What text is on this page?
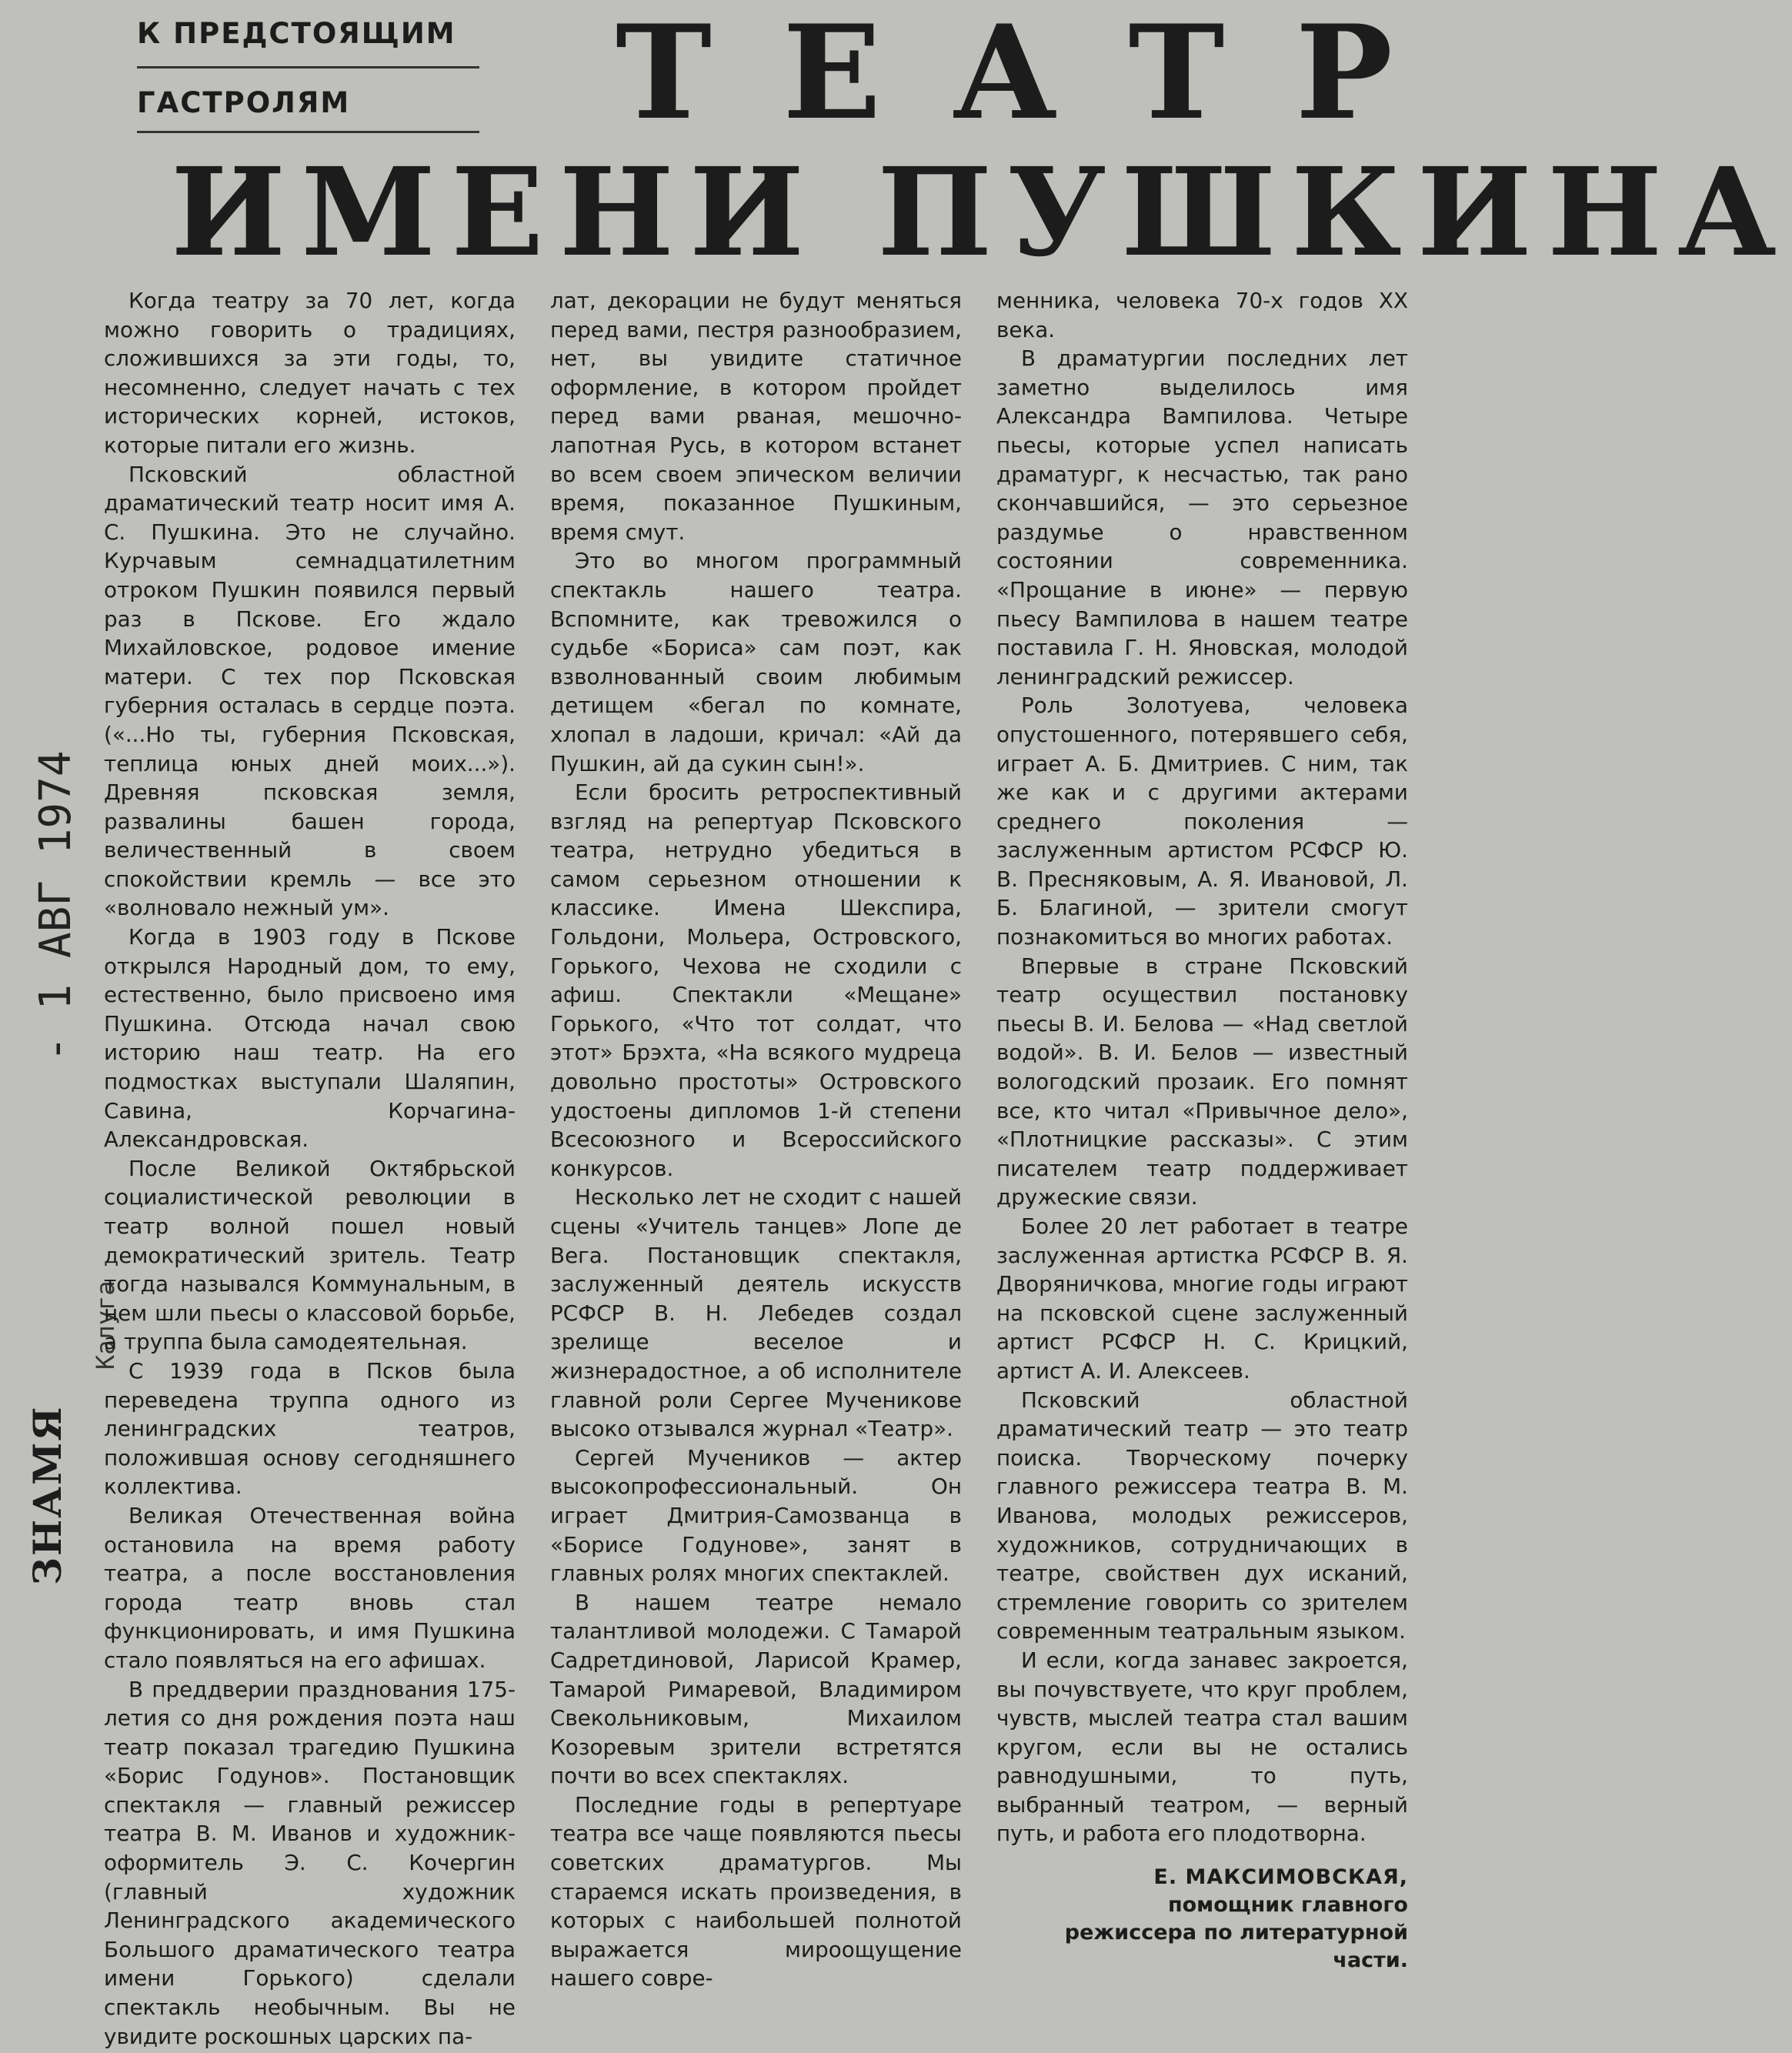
К ПРЕДСТОЯЩИМ
ГАСТРОЛЯМ	Т Е А Т Р
ИМЕНИ ПУШКИНА
- 1 АВГ 1974
ЗНАМЯ
Калуга

Когда театру за 70 лет, когда можно говорить о традициях, сложившихся за эти годы, то, несомненно, следует начать с тех исторических корней, истоков, которые питали его жизнь.

Псковский областной драматический театр носит имя А. С. Пушкина. Это не случайно. Курчавым семнадцатилетним отроком Пушкин появился первый раз в Пскове. Его ждало Михайловское, родовое имение матери. С тех пор Псковская губерния осталась в сердце поэта. («...Но ты, губерния Псковская, теплица юных дней моих...»). Древняя псковская земля, развалины башен города, величественный в своем спокойствии кремль — все это «волновало нежный ум».

Когда в 1903 году в Пскове открылся Народный дом, то ему, естественно, было присвоено имя Пушкина. Отсюда начал свою историю наш театр. На его подмостках выступали Шаляпин, Савина, Корчагина-Александровская.

После Великой Октябрьской социалистической революции в театр волной пошел новый демократический зритель. Театр тогда назывался Коммунальным, в нем шли пьесы о классовой борьбе, а труппа была самодеятельная.

С 1939 года в Псков была переведена труппа одного из ленинградских театров, положившая основу сегодняшнего коллектива.

Великая Отечественная война остановила на время работу театра, а после восстановления города театр вновь стал функционировать, и имя Пушкина стало появляться на его афишах.

В преддверии празднования 175-летия со дня рождения поэта наш театр показал трагедию Пушкина «Борис Годунов». Постановщик спектакля — главный режиссер театра В. М. Иванов и художник-оформитель Э. С. Кочергин (главный художник Ленинградского академического Большого драматического театра имени Горького) сделали спектакль необычным. Вы не увидите роскошных царских па-

лат, декорации не будут меняться перед вами, пестря разнообразием, нет, вы увидите статичное оформление, в котором пройдет перед вами рваная, мешочно-лапотная Русь, в котором встанет во всем своем эпическом величии время, показанное Пушкиным, время смут.

Это во многом программный спектакль нашего театра. Вспомните, как тревожился о судьбе «Бориса» сам поэт, как взволнованный своим любимым детищем «бегал по комнате, хлопал в ладоши, кричал: «Ай да Пушкин, ай да сукин сын!».

Если бросить ретроспективный взгляд на репертуар Псковского театра, нетрудно убедиться в самом серьезном отношении к классике. Имена Шекспира, Гольдони, Мольера, Островского, Горького, Чехова не сходили с афиш. Спектакли «Мещане» Горького, «Что тот солдат, что этот» Брэхта, «На всякого мудреца довольно простоты» Островского удостоены дипломов 1-й степени Всесоюзного и Всероссийского конкурсов.

Несколько лет не сходит с нашей сцены «Учитель танцев» Лопе де Вега. Постановщик спектакля, заслуженный деятель искусств РСФСР В. Н. Лебедев создал зрелище веселое и жизнерадостное, а об исполнителе главной роли Сергее Мученикове высоко отзывался журнал «Театр».

Сергей Мучеников — актер высокопрофессиональный. Он играет Дмитрия-Самозванца в «Борисе Годунове», занят в главных ролях многих спектаклей.

В нашем театре немало талантливой молодежи. С Тамарой Садретдиновой, Ларисой Крамер, Тамарой Римаревой, Владимиром Свекольниковым, Михаилом Козоревым зрители встретятся почти во всех спектаклях.

Последние годы в репертуаре театра все чаще появляются пьесы советских драматургов. Мы стараемся искать произведения, в которых с наибольшей полнотой выражается мироощущение нашего совре-

менника, человека 70-х годов XX века.

В драматургии последних лет заметно выделилось имя Александра Вампилова. Четыре пьесы, которые успел написать драматург, к несчастью, так рано скончавшийся, — это серьезное раздумье о нравственном состоянии современника. «Прощание в июне» — первую пьесу Вампилова в нашем театре поставила Г. Н. Яновская, молодой ленинградский режиссер.

Роль Золотуева, человека опустошенного, потерявшего себя, играет А. Б. Дмитриев. С ним, так же как и с другими актерами среднего поколения — заслуженным артистом РСФСР Ю. В. Пресняковым, А. Я. Ивановой, Л. Б. Благиной, — зрители смогут познакомиться во многих работах.

Впервые в стране Псковский театр осуществил постановку пьесы В. И. Белова — «Над светлой водой». В. И. Белов — известный вологодский прозаик. Его помнят все, кто читал «Привычное дело», «Плотницкие рассказы». С этим писателем театр поддерживает дружеские связи.

Более 20 лет работает в театре заслуженная артистка РСФСР В. Я. Дворяничкова, многие годы играют на псковской сцене заслуженный артист РСФСР Н. С. Крицкий, артист А. И. Алексеев.

Псковский областной драматический театр — это театр поиска. Творческому почерку главного режиссера театра В. М. Иванова, молодых режиссеров, художников, сотрудничающих в театре, свойствен дух исканий, стремление говорить со зрителем современным театральным языком.

И если, когда занавес закроется, вы почувствуете, что круг проблем, чувств, мыслей театра стал вашим кругом, если вы не остались равнодушными, то путь, выбранный театром, — верный путь, и работа его плодотворна.

Е. МАКСИМОВСКАЯ,
помощник главного
режиссера по литературной
части.
